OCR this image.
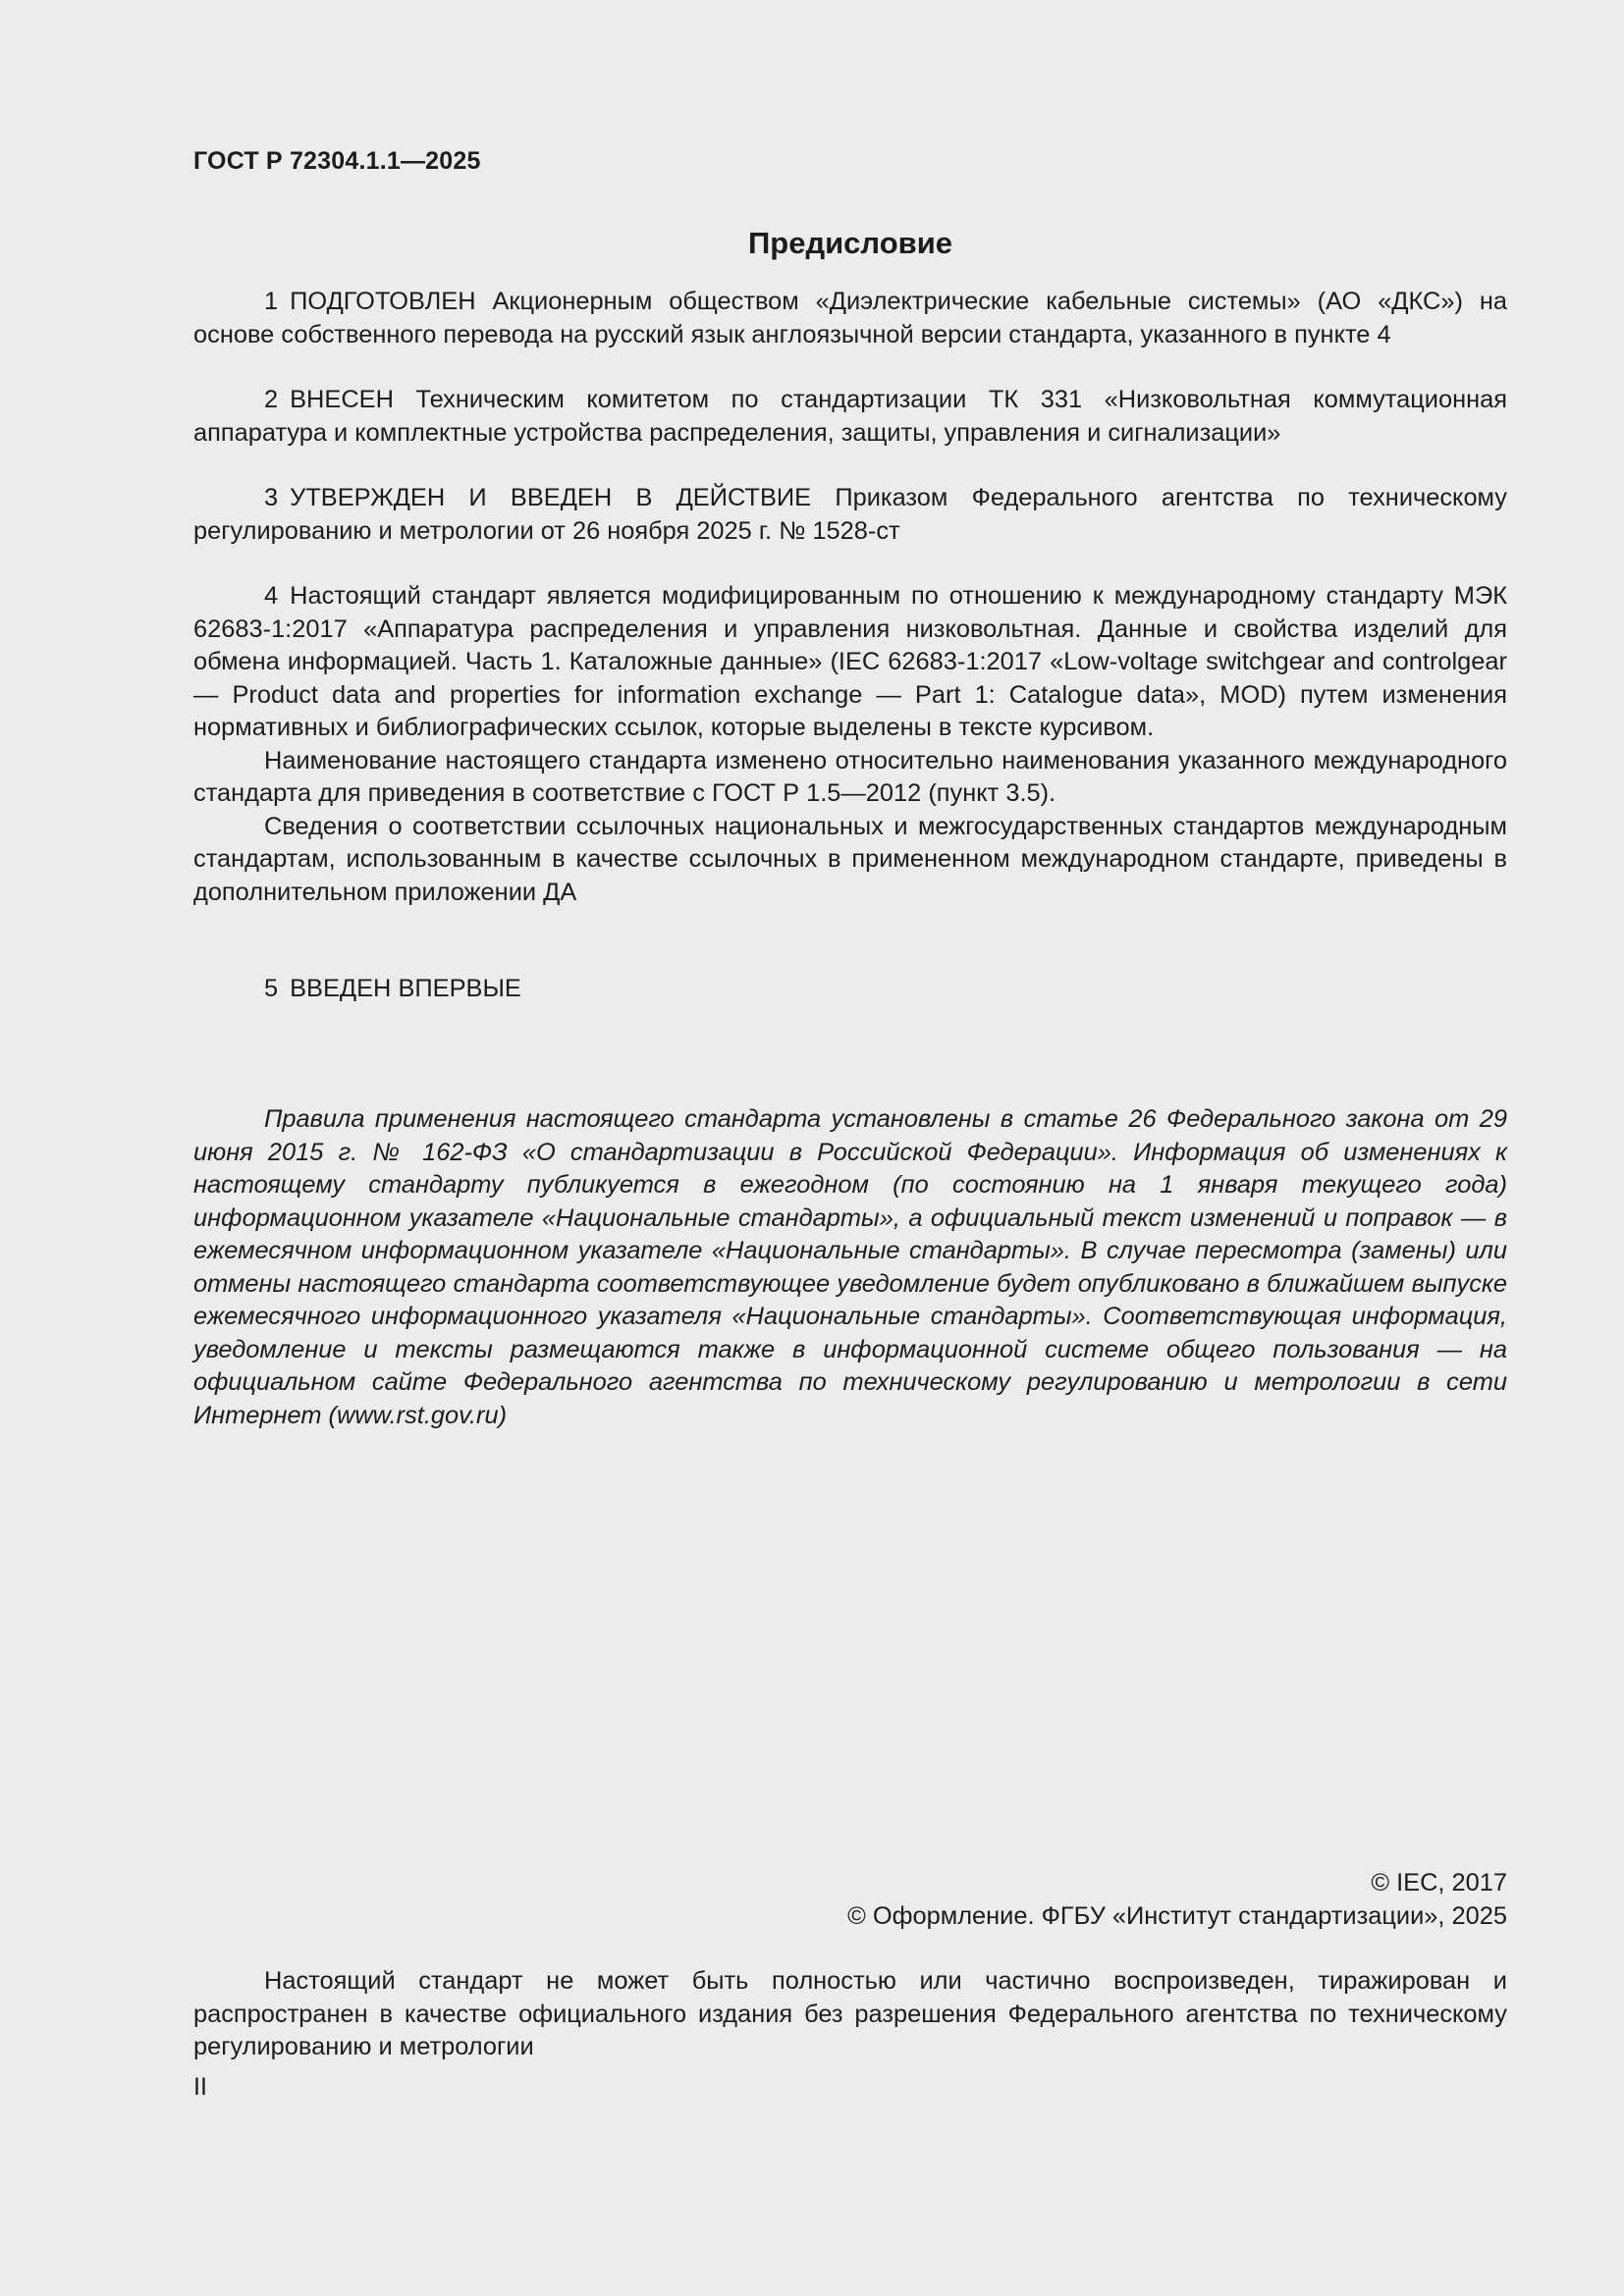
ГОСТ Р 72304.1.1—2025
Предисловие

1 ПОДГОТОВЛЕН Акционерным обществом «Диэлектрические кабельные системы» (АО «ДКС») на основе собственного перевода на русский язык англоязычной версии стандарта, указанного в пункте 4

2 ВНЕСЕН Техническим комитетом по стандартизации ТК 331 «Низковольтная коммутационная аппаратура и комплектные устройства распределения, защиты, управления и сигнализации»

3 УТВЕРЖДЕН И ВВЕДЕН В ДЕЙСТВИЕ Приказом Федерального агентства по техническому регулированию и метрологии от 26 ноября 2025 г. № 1528-ст

4 Настоящий стандарт является модифицированным по отношению к международному стандарту МЭК 62683-1:2017 «Аппаратура распределения и управления низковольтная. Данные и свойства изделий для обмена информацией. Часть 1. Каталожные данные» (IEC 62683-1:2017 «Low-voltage switchgear and controlgear — Product data and properties for information exchange — Part 1: Catalogue data», MOD) путем изменения нормативных и библиографических ссылок, которые выделены в тексте курсивом.

Наименование настоящего стандарта изменено относительно наименования указанного международного стандарта для приведения в соответствие с ГОСТ Р 1.5—2012 (пункт 3.5).

Сведения о соответствии ссылочных национальных и межгосударственных стандартов международным стандартам, использованным в качестве ссылочных в примененном международном стандарте, приведены в дополнительном приложении ДА

5 ВВЕДЕН ВПЕРВЫЕ

Правила применения настоящего стандарта установлены в статье 26 Федерального закона от 29 июня 2015 г. № 162-ФЗ «О стандартизации в Российской Федерации». Информация об изменениях к настоящему стандарту публикуется в ежегодном (по состоянию на 1 января текущего года) информационном указателе «Национальные стандарты», а официальный текст изменений и поправок — в ежемесячном информационном указателе «Национальные стандарты». В случае пересмотра (замены) или отмены настоящего стандарта соответствующее уведомление будет опубликовано в ближайшем выпуске ежемесячного информационного указателя «Национальные стандарты». Соответствующая информация, уведомление и тексты размещаются также в информационной системе общего пользования — на официальном сайте Федерального агентства по техническому регулированию и метрологии в сети Интернет (www.rst.gov.ru)

© IEC, 2017
© Оформление. ФГБУ «Институт стандартизации», 2025

Настоящий стандарт не может быть полностью или частично воспроизведен, тиражирован и распространен в качестве официального издания без разрешения Федерального агентства по техническому регулированию и метрологии

II
